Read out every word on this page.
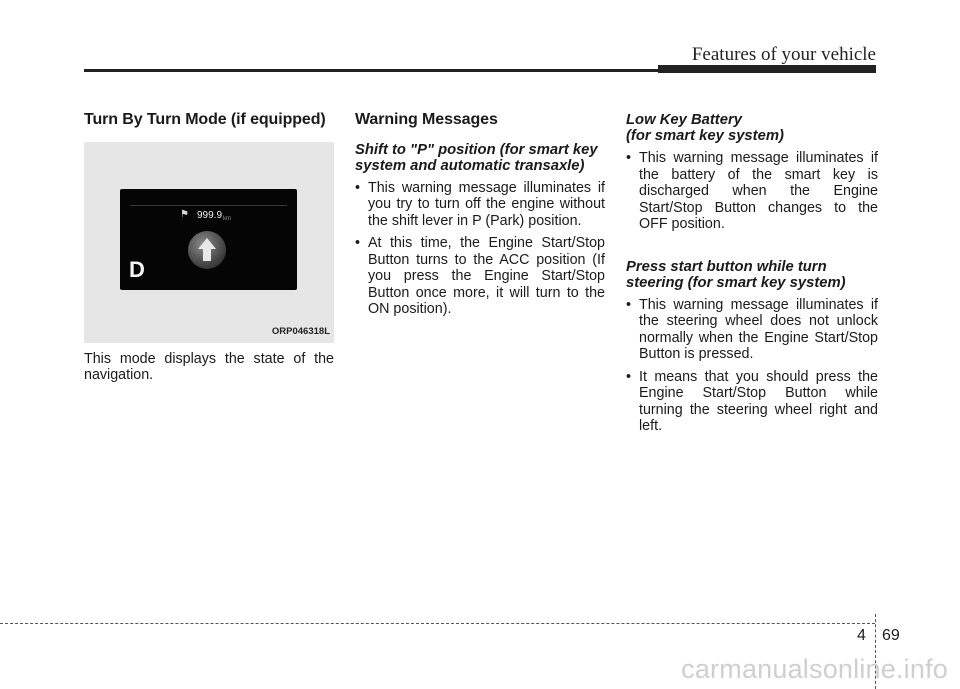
Features of your vehicle
Turn By Turn Mode (if equipped)
⚑ 999.9 km
D
ORP046318L

This mode displays the state of the navigation.

Warning Messages
Shift to "P" position (for smart key system and automatic transaxle)
• This warning message illuminates if you try to turn off the engine without the shift lever in P (Park) position.
• At this time, the Engine Start/Stop Button turns to the ACC position (If you press the Engine Start/Stop Button once more, it will turn to the ON position).
Low Key Battery
(for smart key system)
• This warning message illuminates if the battery of the smart key is discharged when the Engine Start/Stop Button changes to the OFF position.
Press start button while turn
steering (for smart key system)
• This warning message illuminates if the steering wheel does not unlock normally when the Engine Start/Stop Button is pressed.
• It means that you should press the Engine Start/Stop Button while turning the steering wheel right and left.
4 69
carmanualsonline.info
